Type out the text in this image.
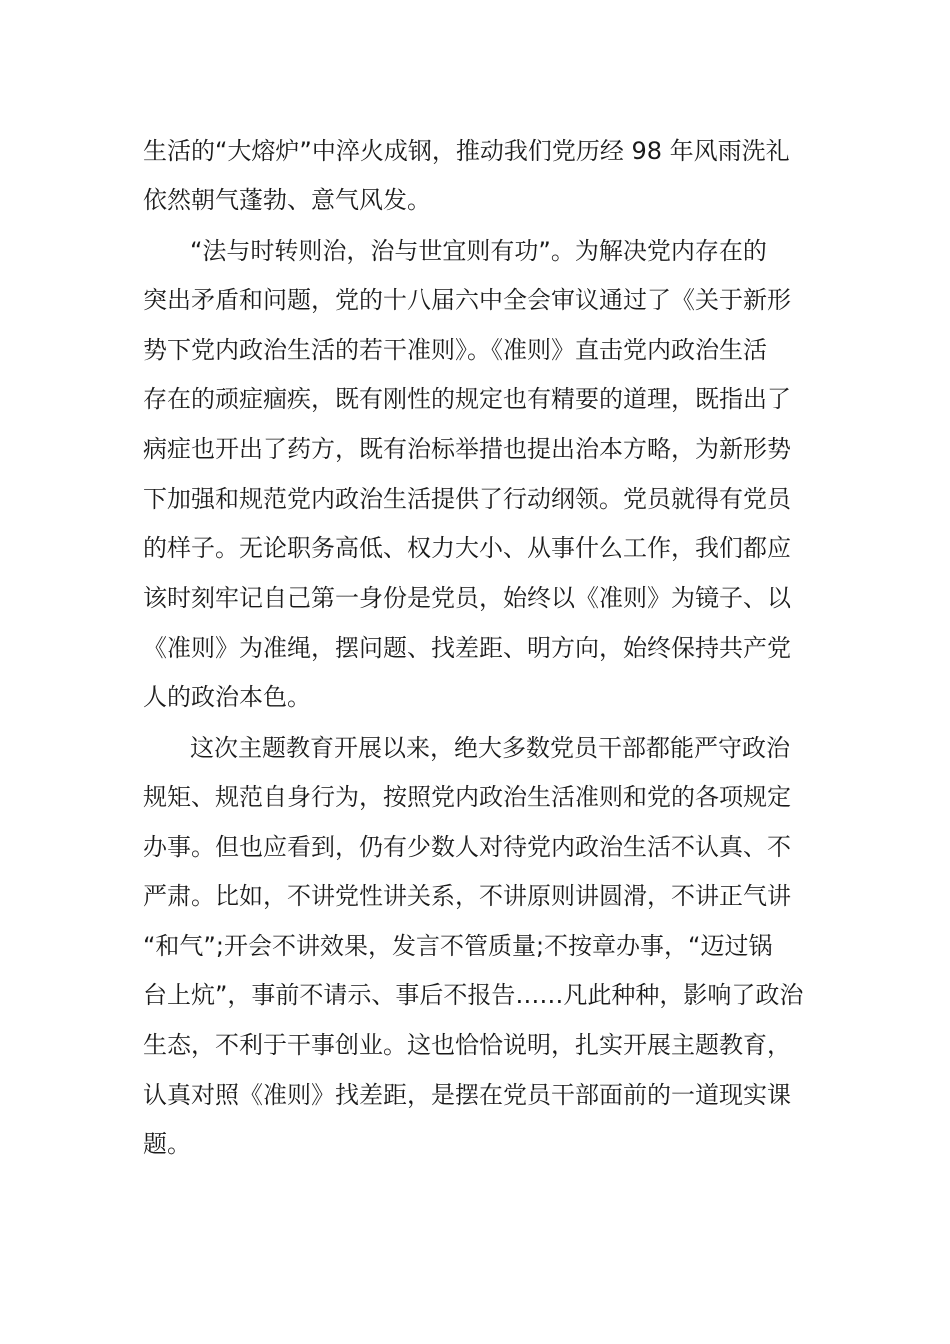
生活的“大熔炉”中淬火成钢，推动我们党历经 98 年风雨洗礼

依然朝气蓬勃、意气风发。

“法与时转则治，治与世宜则有功”。为解决党内存在的

突出矛盾和问题，党的十八届六中全会审议通过了《关于新形

势下党内政治生活的若干准则》。《准则》直击党内政治生活

存在的顽症痼疾，既有刚性的规定也有精要的道理，既指出了

病症也开出了药方，既有治标举措也提出治本方略，为新形势

下加强和规范党内政治生活提供了行动纲领。党员就得有党员

的样子。无论职务高低、权力大小、从事什么工作，我们都应

该时刻牢记自己第一身份是党员，始终以《准则》为镜子、以

《准则》为准绳，摆问题、找差距、明方向，始终保持共产党

人的政治本色。

这次主题教育开展以来，绝大多数党员干部都能严守政治

规矩、规范自身行为，按照党内政治生活准则和党的各项规定

办事。但也应看到，仍有少数人对待党内政治生活不认真、不

严肃。比如，不讲党性讲关系，不讲原则讲圆滑，不讲正气讲

“和气”;开会不讲效果，发言不管质量;不按章办事，“迈过锅

台上炕”，事前不请示、事后不报告……凡此种种，影响了政治

生态，不利于干事创业。这也恰恰说明，扎实开展主题教育，

认真对照《准则》找差距，是摆在党员干部面前的一道现实课

题。
